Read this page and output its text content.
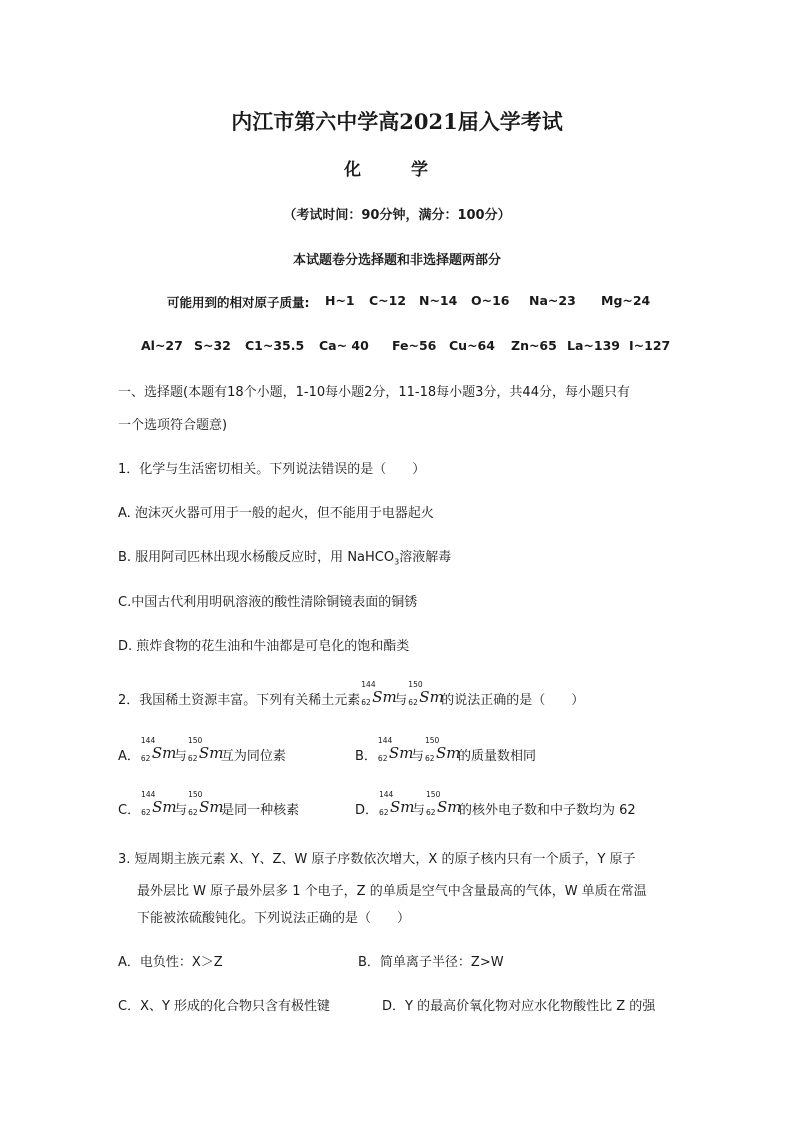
内江市第六中学高2021届入学考试
化 学
（考试时间：90分钟，满分：100分）
本试题卷分选择题和非选择题两部分
可能用到的相对原子质量: H~1 C~12 N~14 O~16 Na~23 Mg~24
Al~27 S~32 C1~35.5 Ca~ 40 Fe~56 Cu~64 Zn~65 La~139 I~127
一、选择题(本题有18个小题，1-10每小题2分，11-18每小题3分，共44分，每小题只有
一个选项符合题意)
1．化学与生活密切相关。下列说法错误的是（　　）
A. 泡沫灭火器可用于一般的起火，但不能用于电器起火
B. 服用阿司匹林出现水杨酸反应时，用 NaHCO$_3$溶液解毒
C.中国古代利用明矾溶液的酸性清除铜镜表面的铜锈
D. 煎炸食物的花生油和牛油都是可皂化的饱和酯类
2．我国稀土资源丰富。下列有关稀土元素
144
62 Sm
与
150
62 Sm
的说法正确的是（　　）
A．
144
62 Sm
与
150
62 Sm
互为同位素	B．
144
62 Sm
与
150
62 Sm
的质量数相同
C．
144
62 Sm
与
150
62 Sm
是同一种核素	D．
144
62 Sm
与
150
62 Sm
的核外电子数和中子数均为 62
3. 短周期主族元素 X、Y、Z、W 原子序数依次增大，X 的原子核内只有一个质子，Y 原子
最外层比 W 原子最外层多 1 个电子，Z 的单质是空气中含量最高的气体，W 单质在常温
下能被浓硫酸钝化。下列说法正确的是（　　）
A．电负性：X＞Z	B．简单离子半径：Z>W
C．X、Y 形成的化合物只含有极性键	D．Y 的最高价氧化物对应水化物酸性比 Z 的强
